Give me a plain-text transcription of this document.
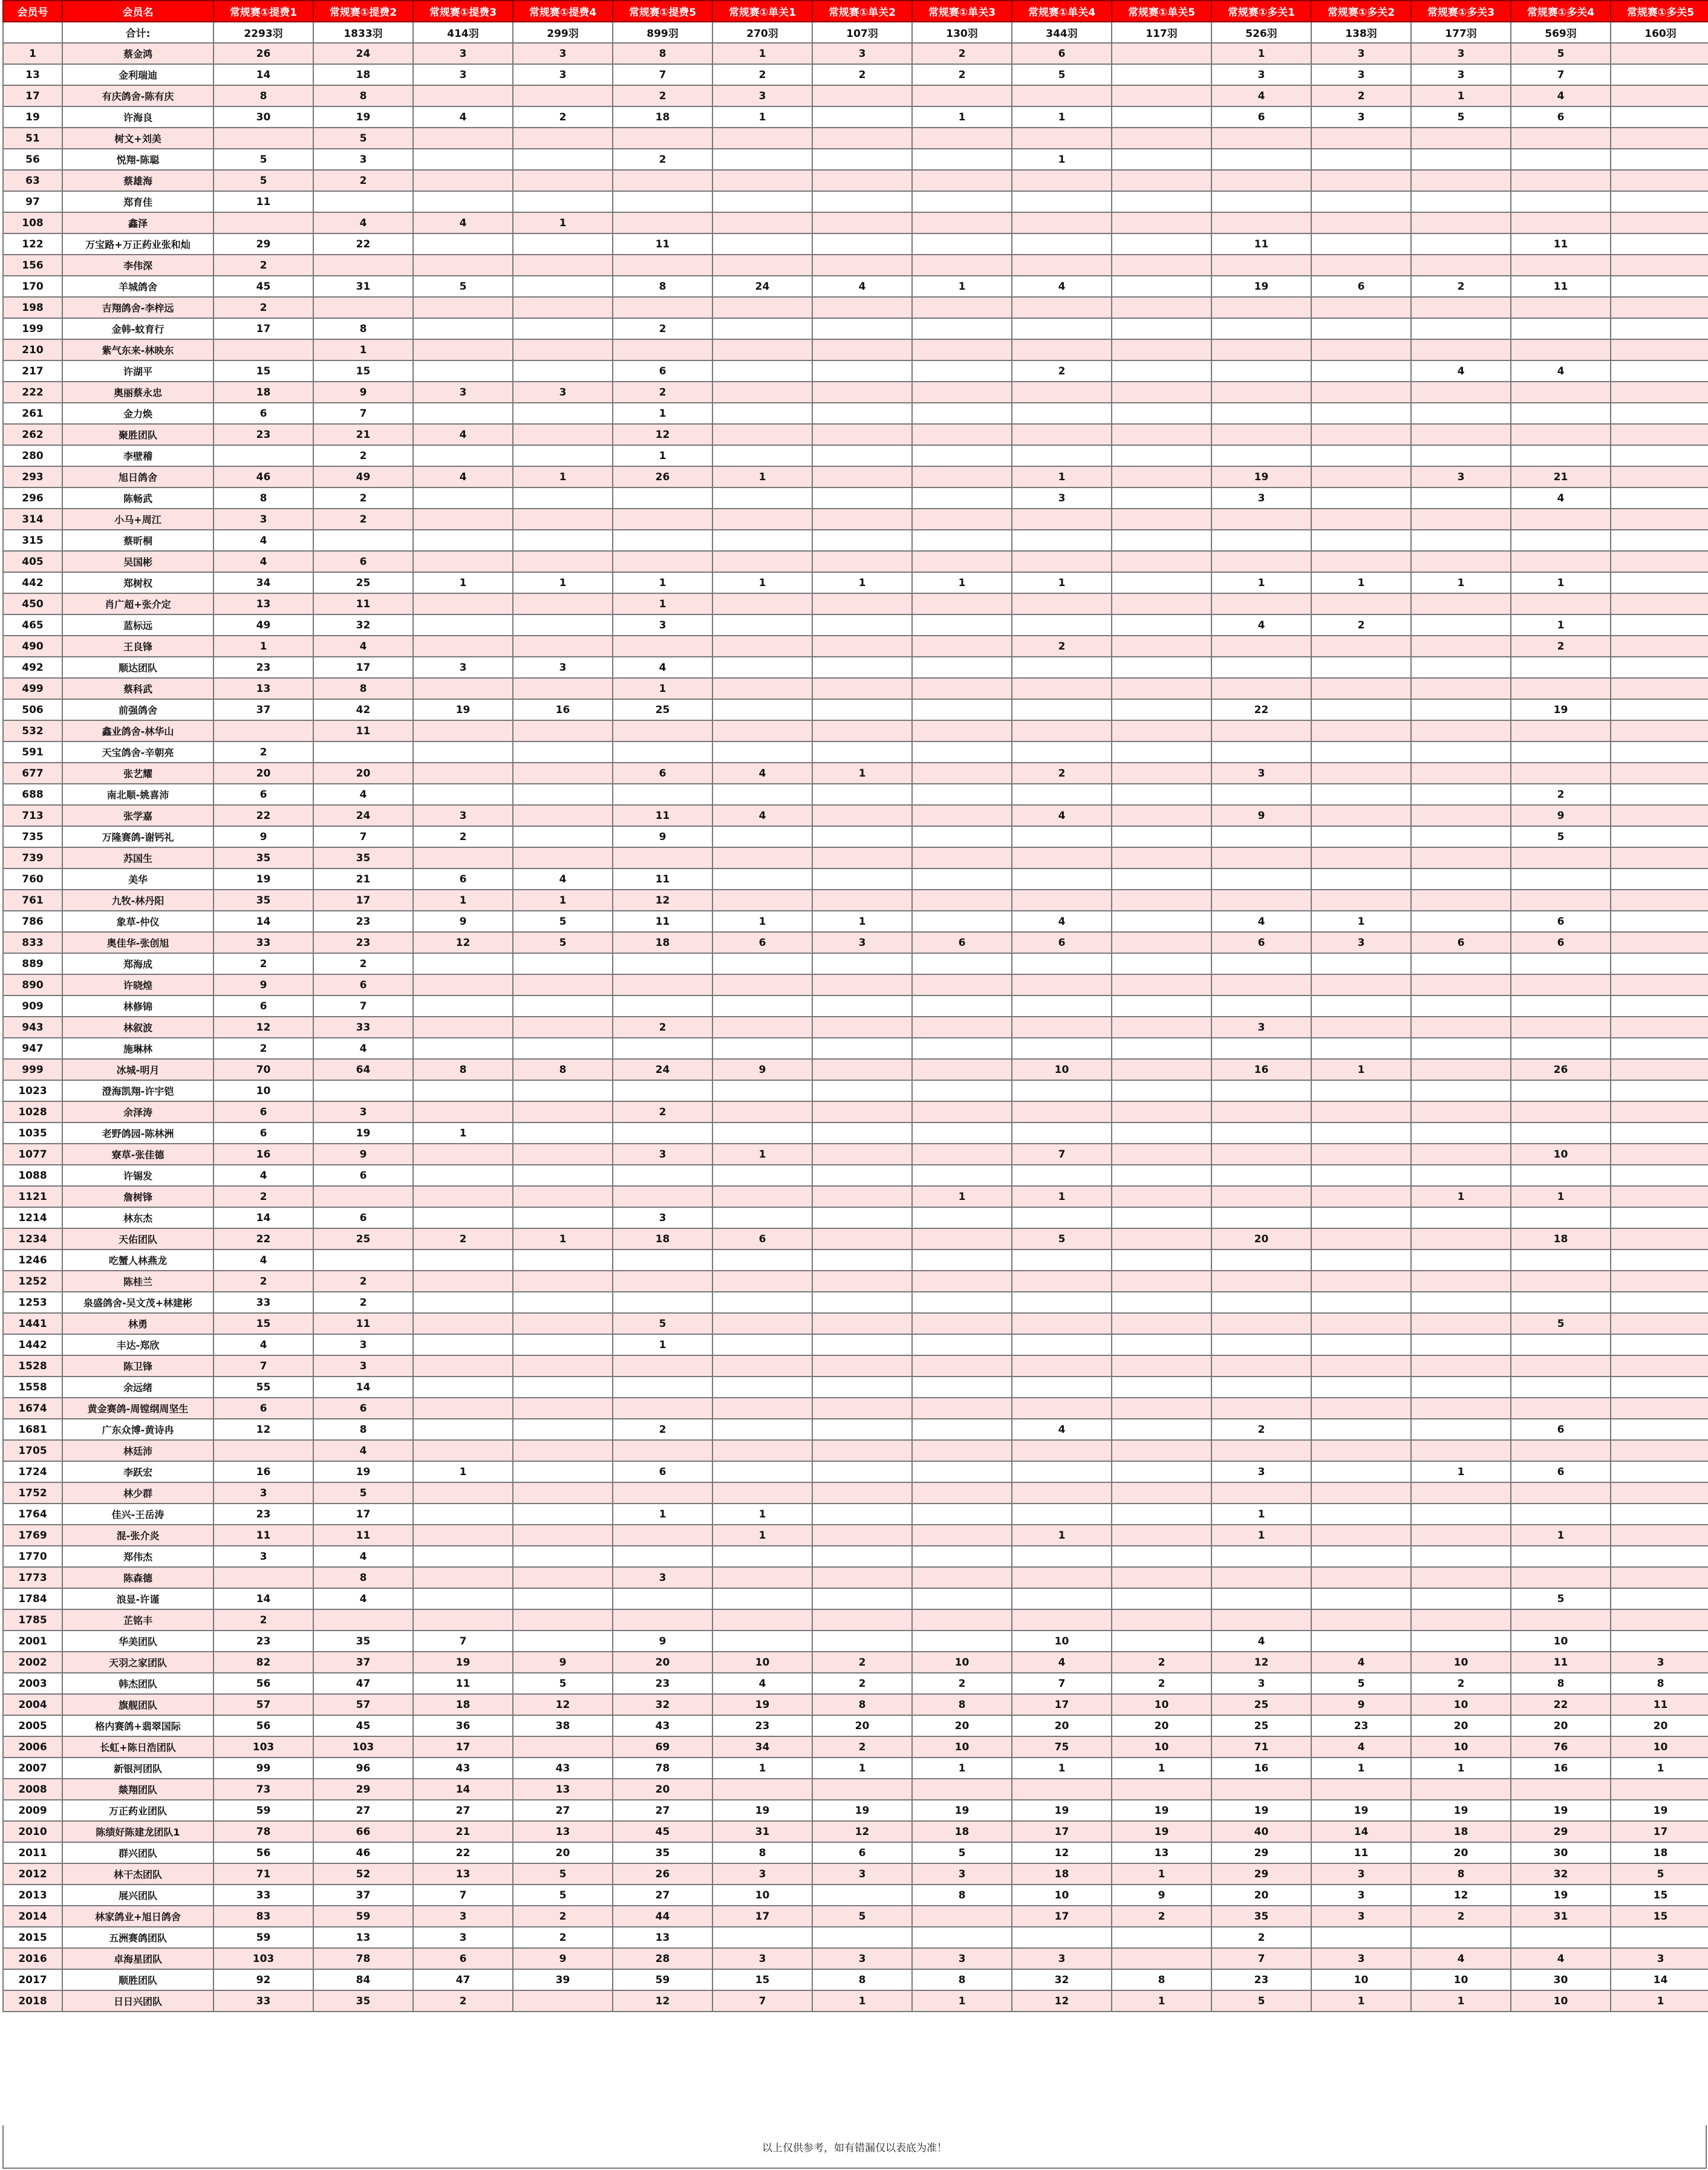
会员号	会员名	常规赛①提费1	常规赛①提费2	常规赛①提费3	常规赛①提费4	常规赛①提费5	常规赛①单关1	常规赛①单关2	常规赛①单关3	常规赛①单关4	常规赛①单关5	常规赛①多关1	常规赛①多关2	常规赛①多关3	常规赛①多关4	常规赛①多关5
	合计:	2293羽	1833羽	414羽	299羽	899羽	270羽	107羽	130羽	344羽	117羽	526羽	138羽	177羽	569羽	160羽
1	蔡金鸿	26	24	3	3	8	1	3	2	6		1	3	3	5	
13	金利瑞迪	14	18	3	3	7	2	2	2	5		3	3	3	7	
17	有庆鸽舍-陈有庆	8	8			2	3					4	2	1	4	
19	许海良	30	19	4	2	18	1		1	1		6	3	5	6	
51	树文+刘美		5													
56	悦翔-陈聪	5	3			2				1						
63	蔡雄海	5	2													
97	郑育佳	11														
108	鑫泽		4	4	1											
122	万宝路+万正药业张和灿	29	22			11						11			11	
156	李伟深	2														
170	羊城鸽舍	45	31	5		8	24	4	1	4		19	6	2	11	
198	吉翔鸽舍-李梓远	2														
199	金韩-蚊育行	17	8			2										
210	紫气东来-林映东		1													
217	许湖平	15	15			6				2				4	4	
222	奥丽蔡永忠	18	9	3	3	2										
261	金力焕	6	7			1										
262	聚胜团队	23	21	4		12										
280	李壁稽		2			1										
293	旭日鸽舍	46	49	4	1	26	1			1		19		3	21	
296	陈畅武	8	2							3		3			4	
314	小马+周江	3	2													
315	蔡昕桐	4														
405	吴国彬	4	6													
442	郑树权	34	25	1	1	1	1	1	1	1		1	1	1	1	
450	肖广超+张介定	13	11			1										
465	蓝标远	49	32			3						4	2		1	
490	王良锋	1	4							2					2	
492	顺达团队	23	17	3	3	4										
499	蔡科武	13	8			1										
506	前强鸽舍	37	42	19	16	25						22			19	
532	鑫业鸽舍-林华山		11													
591	天宝鸽舍-辛朝亮	2														
677	张艺耀	20	20			6	4	1		2		3				
688	南北顺-姚喜沛	6	4												2	
713	张学嘉	22	24	3		11	4			4		9			9	
735	万隆赛鸽-谢钙礼	9	7	2		9									5	
739	苏国生	35	35													
760	美华	19	21	6	4	11										
761	九牧-林丹阳	35	17	1	1	12										
786	象草-仲仪	14	23	9	5	11	1	1		4		4	1		6	
833	奥佳华-张创旭	33	23	12	5	18	6	3	6	6		6	3	6	6	
889	郑海成	2	2													
890	许晓煌	9	6													
909	林修锦	6	7													
943	林叙波	12	33			2						3				
947	施琳林	2	4													
999	冰城-明月	70	64	8	8	24	9			10		16	1		26	
1023	澄海凯翔-许宇铠	10														
1028	余泽涛	6	3			2										
1035	老野鸽园-陈林洲	6	19	1												
1077	寮草-张佳德	16	9			3	1			7					10	
1088	许锡发	4	6													
1121	詹树锋	2							1	1				1	1	
1214	林东杰	14	6			3										
1234	天佑团队	22	25	2	1	18	6			5		20			18	
1246	吃蟹人林燕龙	4														
1252	陈桂兰	2	2													
1253	泉盛鸽舍-吴文茂+林建彬	33	2													
1441	林勇	15	11			5									5	
1442	丰达-郑欣	4	3			1										
1528	陈卫锋	7	3													
1558	余远绪	55	14													
1674	黄金赛鸽-周镗纲周坚生	6	6													
1681	广东众博-黄诗冉	12	8			2				4		2			6	
1705	林廷沛		4													
1724	李跃宏	16	19	1		6						3		1	6	
1752	林少群	3	5													
1764	佳兴-王岳涛	23	17			1	1					1				
1769	混-张介炎	11	11				1			1		1			1	
1770	郑伟杰	3	4													
1773	陈森德		8			3										
1784	浪显-许谨	14	4												5	
1785	芷铭丰	2														
2001	华美团队	23	35	7		9				10		4			10	
2002	天羽之家团队	82	37	19	9	20	10	2	10	4	2	12	4	10	11	3
2003	韩杰团队	56	47	11	5	23	4	2	2	7	2	3	5	2	8	8
2004	旗舰团队	57	57	18	12	32	19	8	8	17	10	25	9	10	22	11
2005	格内赛鸽+翡翠国际	56	45	36	38	43	23	20	20	20	20	25	23	20	20	20
2006	长虹+陈日浩团队	103	103	17		69	34	2	10	75	10	71	4	10	76	10
2007	新银河团队	99	96	43	43	78	1	1	1	1	1	16	1	1	16	1
2008	燚翔团队	73	29	14	13	20										
2009	万正药业团队	59	27	27	27	27	19	19	19	19	19	19	19	19	19	19
2010	陈绩好陈建龙团队1	78	66	21	13	45	31	12	18	17	19	40	14	18	29	17
2011	群兴团队	56	46	22	20	35	8	6	5	12	13	29	11	20	30	18
2012	林干杰团队	71	52	13	5	26	3	3	3	18	1	29	3	8	32	5
2013	展兴团队	33	37	7	5	27	10		8	10	9	20	3	12	19	15
2014	林家鸽业+旭日鸽舍	83	59	3	2	44	17	5		17	2	35	3	2	31	15
2015	五洲赛鸽团队	59	13	3	2	13						2				
2016	卓海星团队	103	78	6	9	28	3	3	3	3		7	3	4	4	3
2017	顺胜团队	92	84	47	39	59	15	8	8	32	8	23	10	10	30	14
2018	日日兴团队	33	35	2		12	7	1	1	12	1	5	1	1	10	1
以上仅供参考，如有错漏仅以表底为准！
